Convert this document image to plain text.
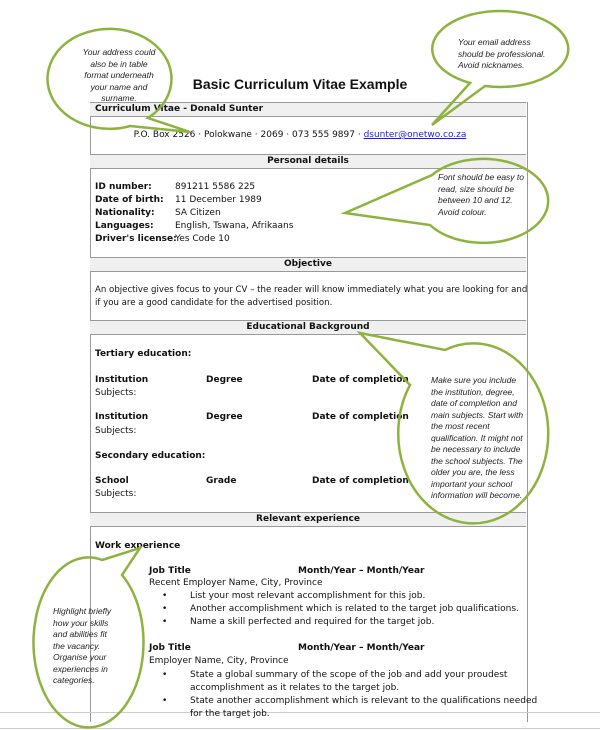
Basic Curriculum Vitae Example
Curriculum Vitae - Donald Sunter
P.O. Box 2526 · Polokwane · 2069 · 073 555 9897 · dsunter@onetwo.co.za
Personal details
ID number:	891211 5586 225
Date of birth: 11 December 1989
Nationality: SA Citizen
Languages: English, Tswana, Afrikaans
Driver's license:
Yes Code 10
Objective
An objective gives focus to your CV – the reader will know immediately what you are looking for and
if you are a good candidate for the advertised position.
Educational Background
Tertiary education:
Institution	Degree	Date of completion
Subjects:
Institution	Degree	Date of completion
Subjects:
Secondary education:
School	Grade	Date of completion
Subjects:
Relevant experience
Work experience
Job Title	Month/Year – Month/Year
Recent Employer Name, City, Province
•	List your most relevant accomplishment for this job.
•	Another accomplishment which is related to the target job qualifications.
•	Name a skill perfected and required for the target job.
Job Title	Month/Year – Month/Year
Employer Name, City, Province
•	State a global summary of the scope of the job and add your proudest
accomplishment as it relates to the target job.
•	State another accomplishment which is relevant to the qualifications needed
for the target job.
Your address could
also be in table
format underneath
your name and
surname.
Your email address
should be professional.
Avoid nicknames.
Font should be easy to
read, size should be
between 10 and 12.
Avoid colour.
Make sure you include
the institution, degree,
date of completion and
main subjects. Start with
the most recent
qualification. It might not
be necessary to include
the school subjects. The
older you are, the less
important your school
information will become.
Highlight briefly
how your skills
and abilities fit
the vacancy.
Organise your
experiences in
categories.
